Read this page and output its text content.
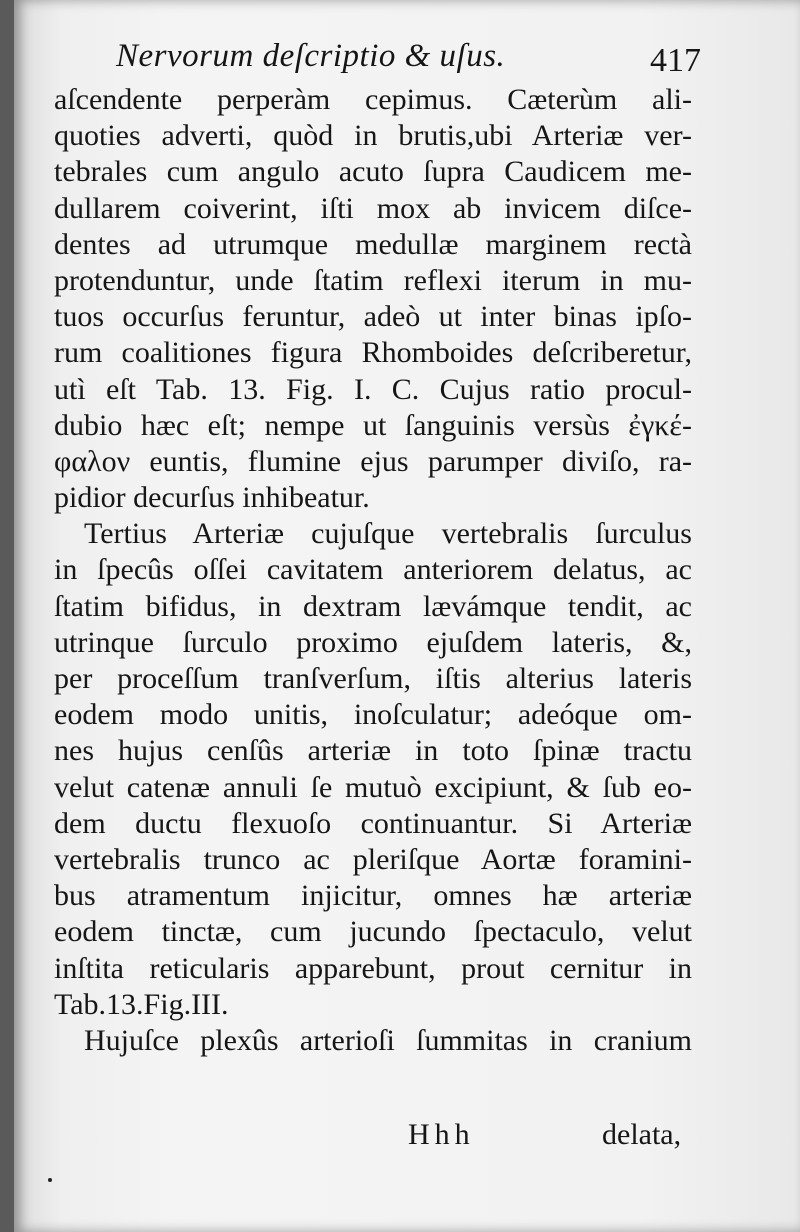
Nervorum deſcriptio & uſus.	417
aſcendente perperàm cepimus. Cæterùm ali-
quoties adverti, quòd in brutis,ubi Arteriæ ver-
tebrales cum angulo acuto ſupra Caudicem me-
dullarem coiverint, iſti mox ab invicem diſce-
dentes ad utrumque medullæ marginem rectà
protenduntur, unde ſtatim reflexi iterum in mu-
tuos occurſus feruntur, adeò ut inter binas ipſo-
rum coalitiones figura Rhomboides deſcriberetur,
utì eſt Tab. 13. Fig. I. C. Cujus ratio procul-
dubio hæc eſt; nempe ut ſanguinis versùs ἐγκέ-
φαλον euntis, flumine ejus parumper diviſo, ra-
pidior decurſus inhibeatur.
Tertius Arteriæ cujuſque vertebralis ſurculus
in ſpecûs oſſei cavitatem anteriorem delatus, ac
ſtatim bifidus, in dextram lævámque tendit, ac
utrinque ſurculo proximo ejuſdem lateris, &,
per proceſſum tranſverſum, iſtis alterius lateris
eodem modo unitis, inoſculatur; adeóque om-
nes hujus cenſûs arteriæ in toto ſpinæ tractu
velut catenæ annuli ſe mutuò excipiunt, & ſub eo-
dem ductu flexuoſo continuantur. Si Arteriæ
vertebralis trunco ac pleriſque Aortæ foramini-
bus atramentum injicitur, omnes hæ arteriæ
eodem tinctæ, cum jucundo ſpectaculo, velut
inſtita reticularis apparebunt, prout cernitur in
Tab.13.Fig.III.
Hujuſce plexûs arterioſi ſummitas in cranium
Hhh	delata,
